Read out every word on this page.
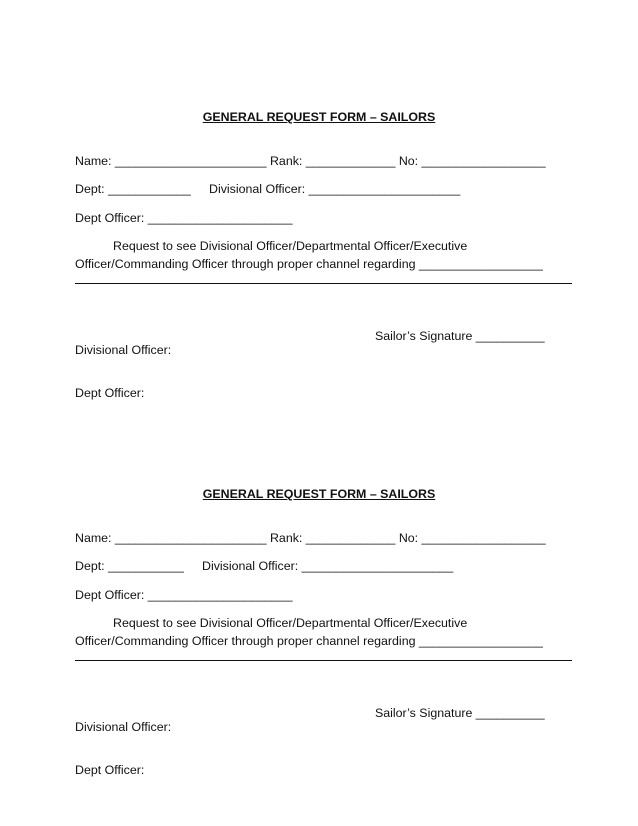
GENERAL REQUEST FORM – SAILORS
Name: ______________________ Rank: _____________ No: __________________
Dept: ____________ Divisional Officer: ______________________
Dept Officer: _____________________
Request to see Divisional Officer/Departmental Officer/Executive
Officer/Commanding Officer through proper channel regarding __________________
Sailor’s Signature __________
Divisional Officer:
Dept Officer:
GENERAL REQUEST FORM – SAILORS
Name: ______________________ Rank: _____________ No: __________________
Dept: ___________ Divisional Officer: ______________________
Dept Officer: _____________________
Request to see Divisional Officer/Departmental Officer/Executive
Officer/Commanding Officer through proper channel regarding __________________
Sailor’s Signature __________
Divisional Officer:
Dept Officer:
